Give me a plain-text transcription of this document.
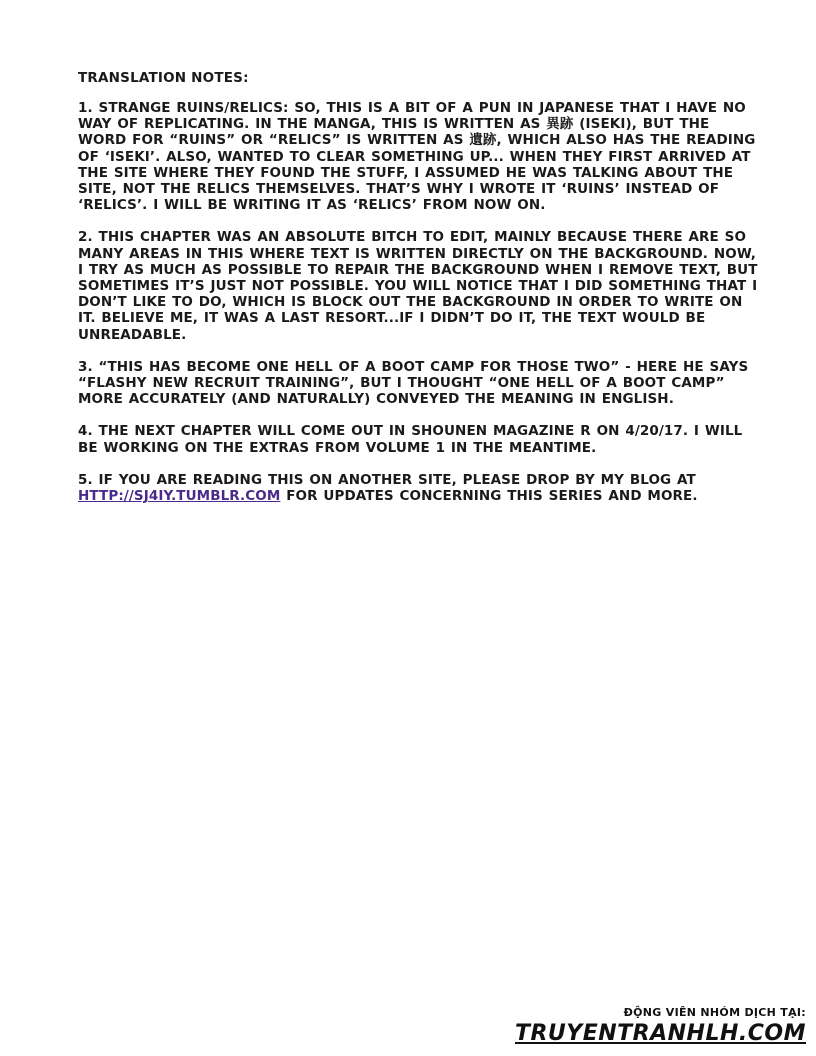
TRANSLATION NOTES:
1. STRANGE RUINS/RELICS: SO, THIS IS A BIT OF A PUN IN JAPANESE THAT I HAVE NO WAY OF REPLICATING. IN THE MANGA, THIS IS WRITTEN AS 異跡 (ISEKI), BUT THE WORD FOR “RUINS” OR “RELICS” IS WRITTEN AS 遺跡, WHICH ALSO HAS THE READING OF ‘ISEKI’. ALSO, WANTED TO CLEAR SOMETHING UP... WHEN THEY FIRST ARRIVED AT THE SITE WHERE THEY FOUND THE STUFF, I ASSUMED HE WAS TALKING ABOUT THE SITE, NOT THE RELICS THEMSELVES. THAT’S WHY I WROTE IT ‘RUINS’ INSTEAD OF ‘RELICS’. I WILL BE WRITING IT AS ‘RELICS’ FROM NOW ON.
2. THIS CHAPTER WAS AN ABSOLUTE BITCH TO EDIT, MAINLY BECAUSE THERE ARE SO MANY AREAS IN THIS WHERE TEXT IS WRITTEN DIRECTLY ON THE BACKGROUND. NOW, I TRY AS MUCH AS POSSIBLE TO REPAIR THE BACKGROUND WHEN I REMOVE TEXT, BUT SOMETIMES IT’S JUST NOT POSSIBLE. YOU WILL NOTICE THAT I DID SOMETHING THAT I DON’T LIKE TO DO, WHICH IS BLOCK OUT THE BACKGROUND IN ORDER TO WRITE ON IT. BELIEVE ME, IT WAS A LAST RESORT...IF I DIDN’T DO IT, THE TEXT WOULD BE UNREADABLE.
3. “THIS HAS BECOME ONE HELL OF A BOOT CAMP FOR THOSE TWO” - HERE HE SAYS “FLASHY NEW RECRUIT TRAINING”, BUT I THOUGHT “ONE HELL OF A BOOT CAMP” MORE ACCURATELY (AND NATURALLY) CONVEYED THE MEANING IN ENGLISH.
4. THE NEXT CHAPTER WILL COME OUT IN SHOUNEN MAGAZINE R ON 4/20/17. I WILL BE WORKING ON THE EXTRAS FROM VOLUME 1 IN THE MEANTIME.
5. IF YOU ARE READING THIS ON ANOTHER SITE, PLEASE DROP BY MY BLOG AT HTTP://SJ4IY.TUMBLR.COM FOR UPDATES CONCERNING THIS SERIES AND MORE.
ĐỘNG VIÊN NHÓM DỊCH TẠI:
TRUYENTRANHLH.COM
